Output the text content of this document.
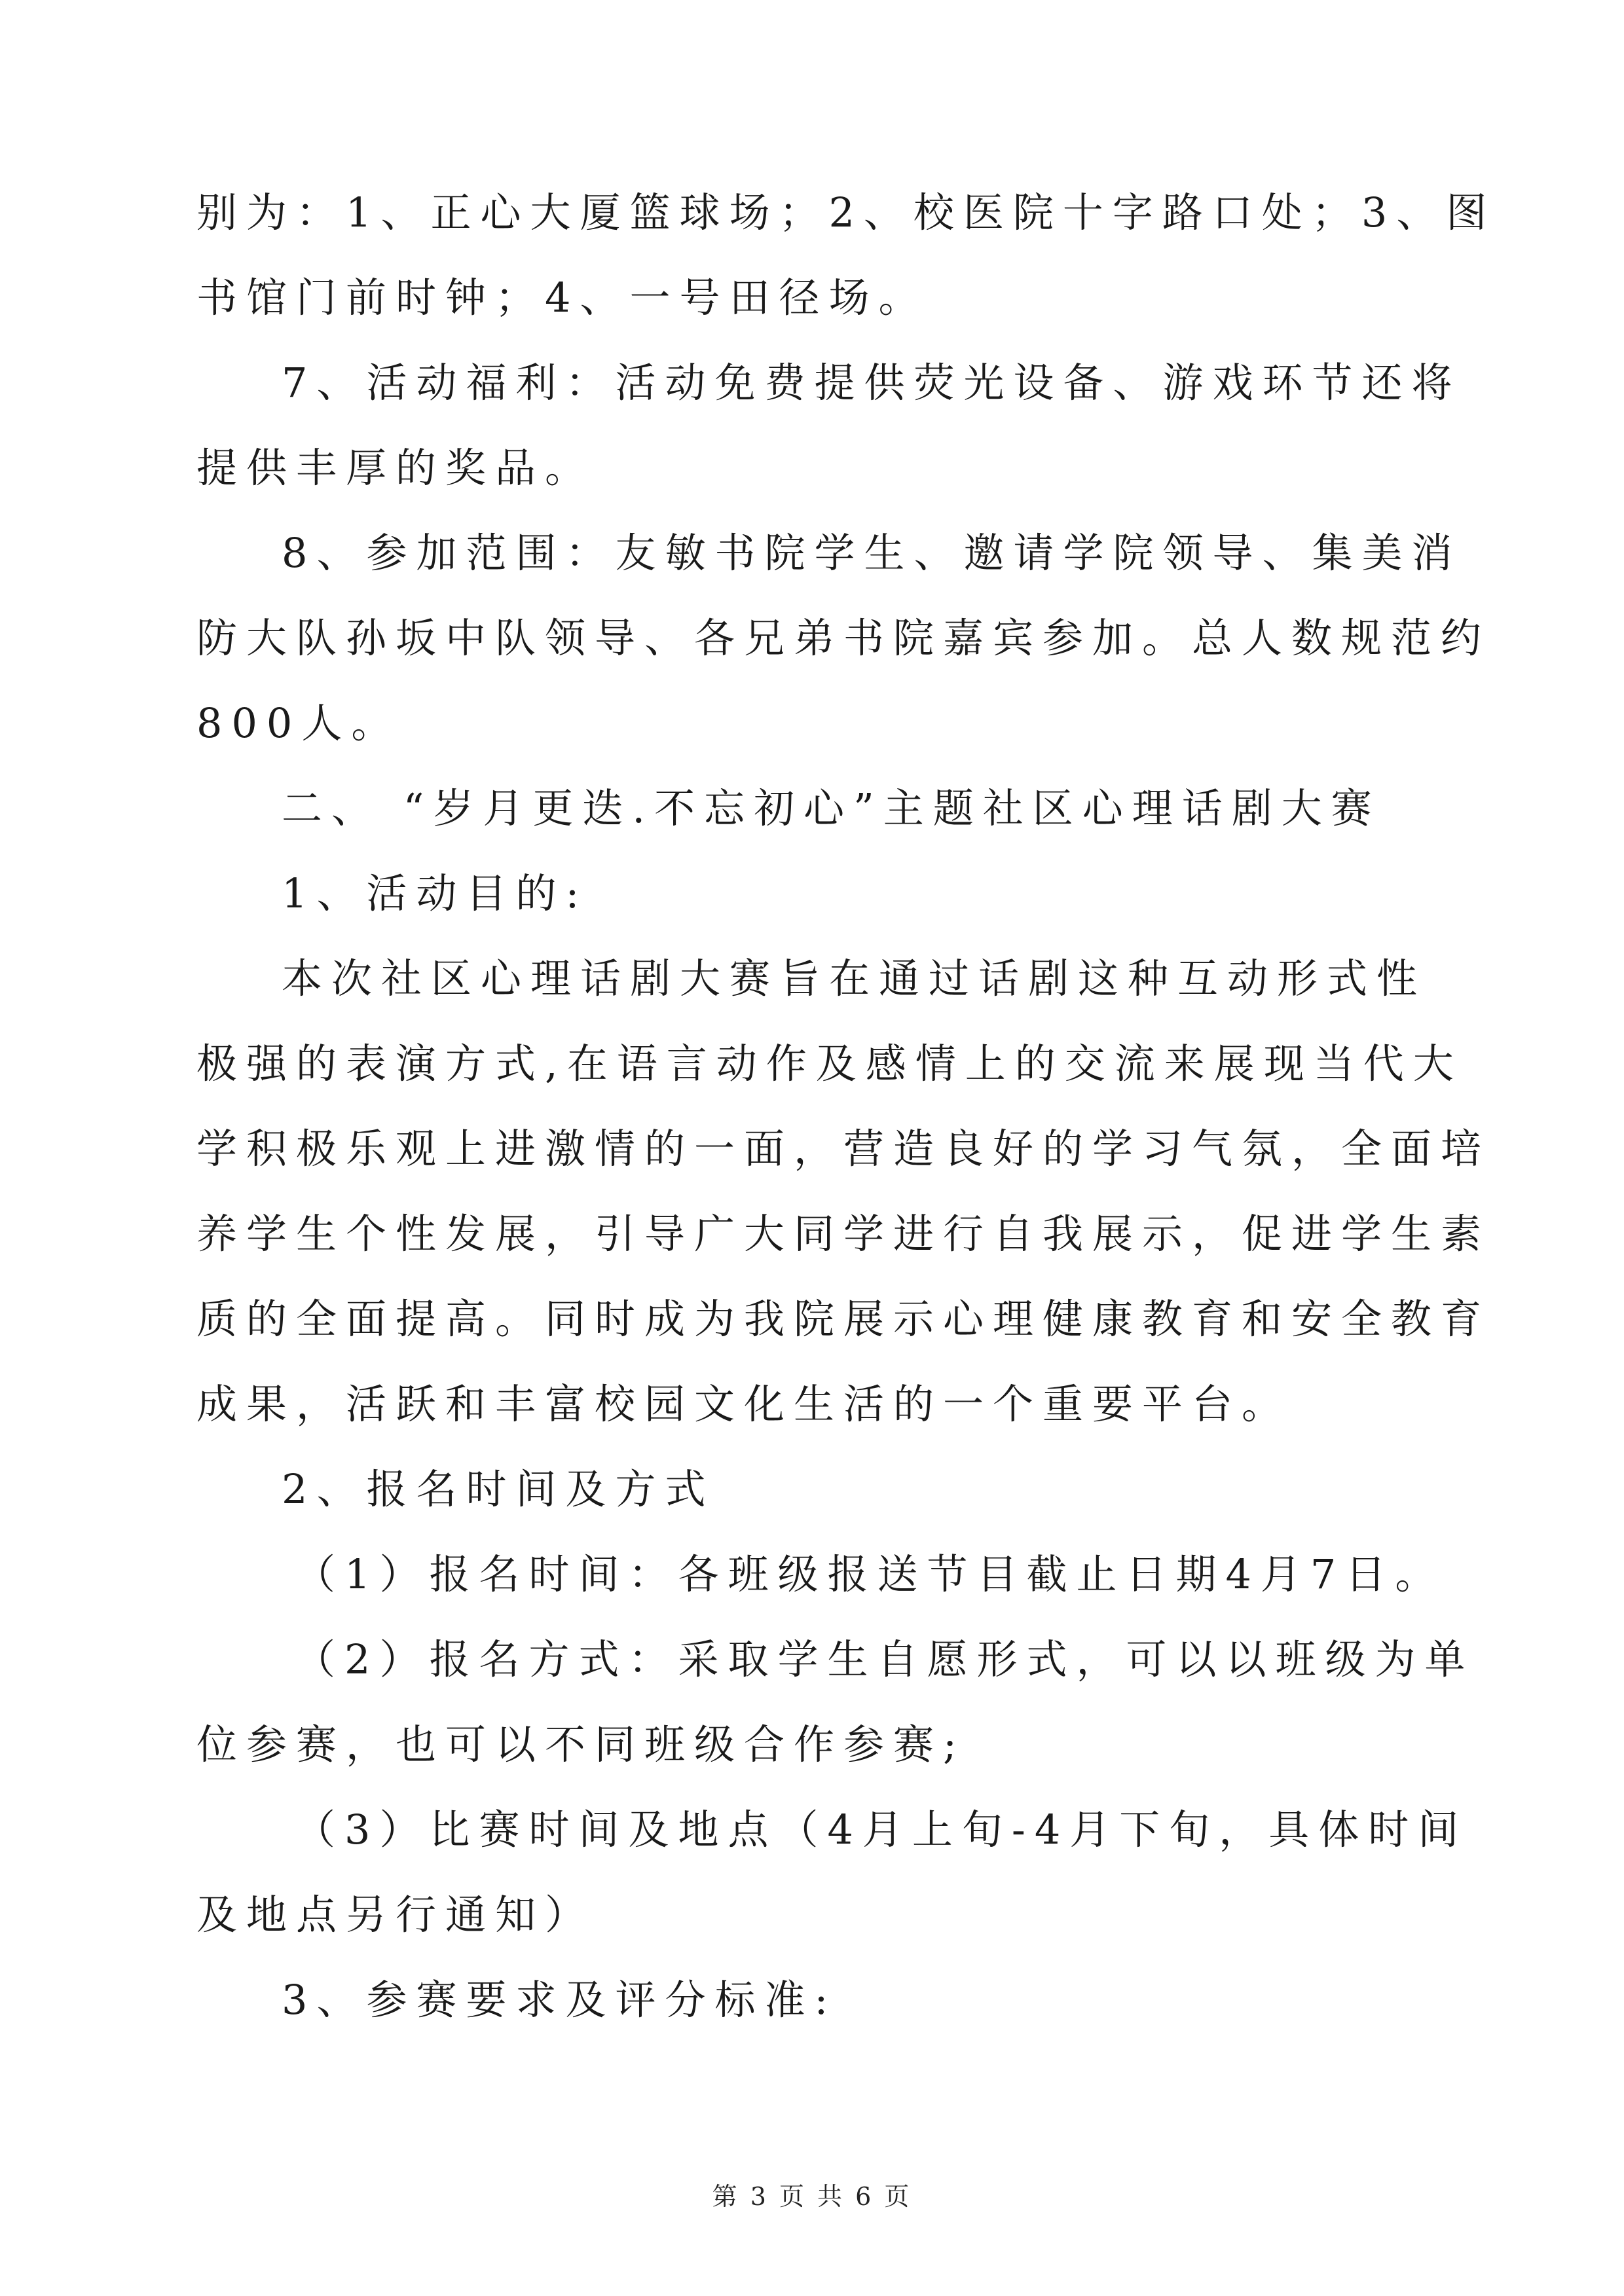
别为：1、正心大厦篮球场；2、校医院十字路口处；3、图
书馆门前时钟；4、一号田径场。
7、活动福利：活动免费提供荧光设备、游戏环节还将
提供丰厚的奖品。
8、参加范围：友敏书院学生、邀请学院领导、集美消
防大队孙坂中队领导、各兄弟书院嘉宾参加。总人数规范约
800人。
二、 “岁月更迭.不忘初心”主题社区心理话剧大赛
1、活动目的:
本次社区心理话剧大赛旨在通过话剧这种互动形式性
极强的表演方式,在语言动作及感情上的交流来展现当代大
学积极乐观上进激情的一面，营造良好的学习气氛，全面培
养学生个性发展，引导广大同学进行自我展示，促进学生素
质的全面提高。同时成为我院展示心理健康教育和安全教育
成果，活跃和丰富校园文化生活的一个重要平台。
2、报名时间及方式
（1）报名时间：各班级报送节目截止日期4月7日。
（2）报名方式：采取学生自愿形式，可以以班级为单
位参赛，也可以不同班级合作参赛;
（3）比赛时间及地点（4月上旬-4月下旬，具体时间
及地点另行通知）
3、参赛要求及评分标准:
第 3 页 共 6 页
